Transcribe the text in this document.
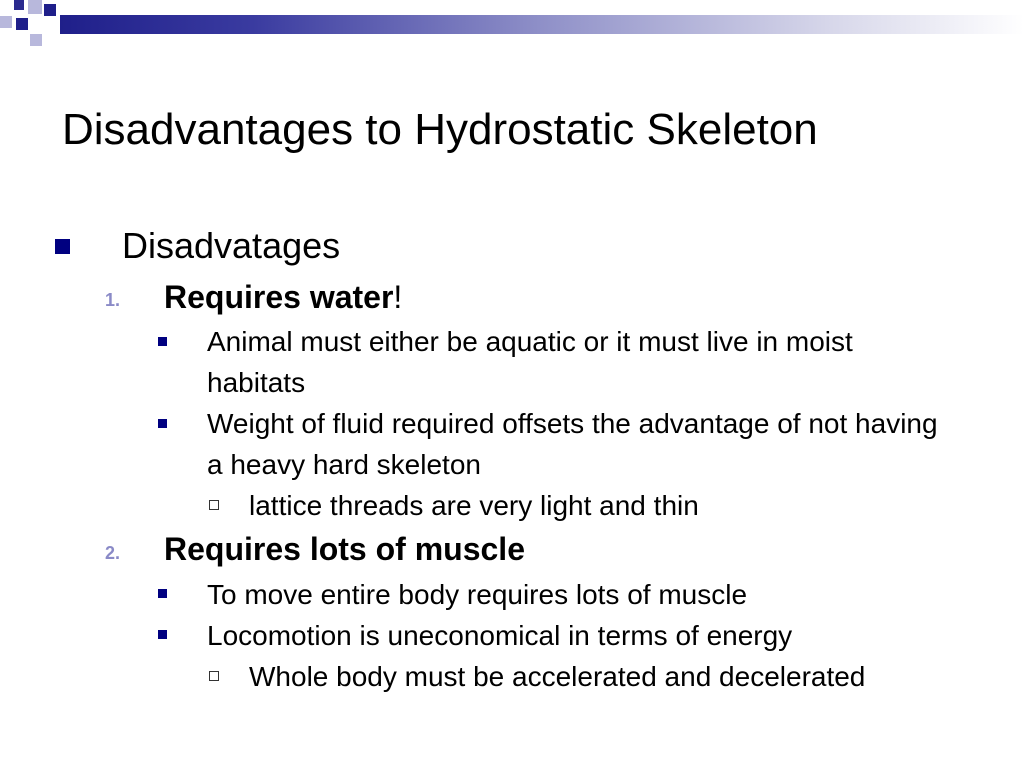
Disadvantages to Hydrostatic Skeleton
Disadvatages
1. Requires water!
Animal must either be aquatic or it must live in moist habitats
Weight of fluid required offsets the advantage of not having a heavy hard skeleton
lattice threads are very light and thin
2. Requires lots of muscle
To move entire body requires lots of muscle
Locomotion is uneconomical in terms of energy
Whole body must be accelerated and decelerated
